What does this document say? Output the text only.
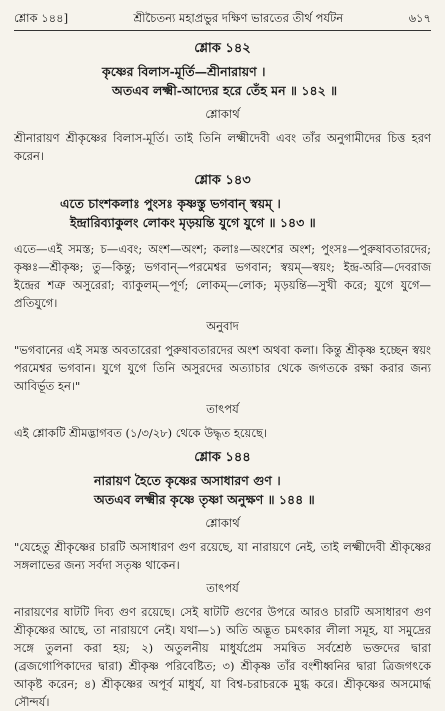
শ্লোক ১৪৪]	শ্রীচৈতন্য মহাপ্রভুর দক্ষিণ ভারতের তীর্থ পর্যটন	৬১৭
শ্লোক ১৪২
কৃষ্ণের বিলাস-মূর্তি—শ্রীনারায়ণ ।
অতএব লক্ষ্মী-আদ্যের হরে তেঁহ মন ॥ ১৪২ ॥
শ্লোকার্থ

শ্রীনারায়ণ শ্রীকৃষ্ণের বিলাস-মূর্তি। তাই তিনি লক্ষ্মীদেবী এবং তাঁর অনুগামীদের চিত্ত হরণ করেন।

শ্লোক ১৪৩
এতে চাংশকলাঃ পুংসঃ কৃষ্ণস্তু ভগবান্ স্বয়ম্ ।
ইন্দ্রারিব্যাকুলং লোকং মৃড়য়ন্তি যুগে যুগে ॥ ১৪৩ ॥

এতে—এই সমস্ত; চ—এবং; অংশ—অংশ; কলাঃ—অংশের অংশ; পুংসঃ—পুরুষাবতারদের; কৃষ্ণঃ—শ্রীকৃষ্ণ; তু—কিন্তু; ভগবান্—পরমেশ্বর ভগবান; স্বয়ম্—স্বয়ং; ইন্দ্র-অরি—দেবরাজ ইন্দ্রের শত্রু অসুরেরা; ব্যাকুলম্—পূর্ণ; লোকম্—লোক; মৃড়য়ন্তি—সুখী করে; যুগে যুগে—প্রতিযুগে।

অনুবাদ

"ভগবানের এই সমস্ত অবতারেরা পুরুষাবতারদের অংশ অথবা কলা। কিন্তু শ্রীকৃষ্ণ হচ্ছেন স্বয়ং পরমেশ্বর ভগবান। যুগে যুগে তিনি অসুরদের অত্যাচার থেকে জগতকে রক্ষা করার জন্য আবির্ভূত হন।"

তাৎপর্য

এই শ্লোকটি শ্রীমদ্ভাগবত (১/৩/২৮) থেকে উদ্ধৃত হয়েছে।

শ্লোক ১৪৪
নারায়ণ হৈতে কৃষ্ণের অসাধারণ গুণ ।
অতএব লক্ষ্মীর কৃষ্ণে তৃষ্ণা অনুক্ষণ ॥ ১৪৪ ॥
শ্লোকার্থ

"যেহেতু শ্রীকৃষ্ণের চারটি অসাধারণ গুণ রয়েছে, যা নারায়ণে নেই, তাই লক্ষ্মীদেবী শ্রীকৃষ্ণের সঙ্গলাভের জন্য সর্বদা সতৃষ্ণ থাকেন।

তাৎপর্য

নারায়ণের ষাটটি দিব্য গুণ রয়েছে। সেই ষাটটি গুণের উপরে আরও চারটি অসাধারণ গুণ শ্রীকৃষ্ণের আছে, তা নারায়ণে নেই। যথা—১) অতি অদ্ভূত চমৎকার লীলা সমূহ, যা সমুদ্রের সঙ্গে তুলনা করা হয়; ২) অতুলনীয় মাধুর্যপ্রেম সমন্বিত সর্বশ্রেষ্ঠ ভক্তদের দ্বারা (ব্রজগোপিকাদের দ্বারা) শ্রীকৃষ্ণ পরিবেষ্টিত; ৩) শ্রীকৃষ্ণ তাঁর বংশীধ্বনির দ্বারা ত্রিজগৎকে আকৃষ্ট করেন; ৪) শ্রীকৃষ্ণের অপূর্ব মাধুর্য, যা বিশ্ব-চরাচরকে মুগ্ধ করে। শ্রীকৃষ্ণের অসমোর্দ্ধ সৌন্দর্য।
